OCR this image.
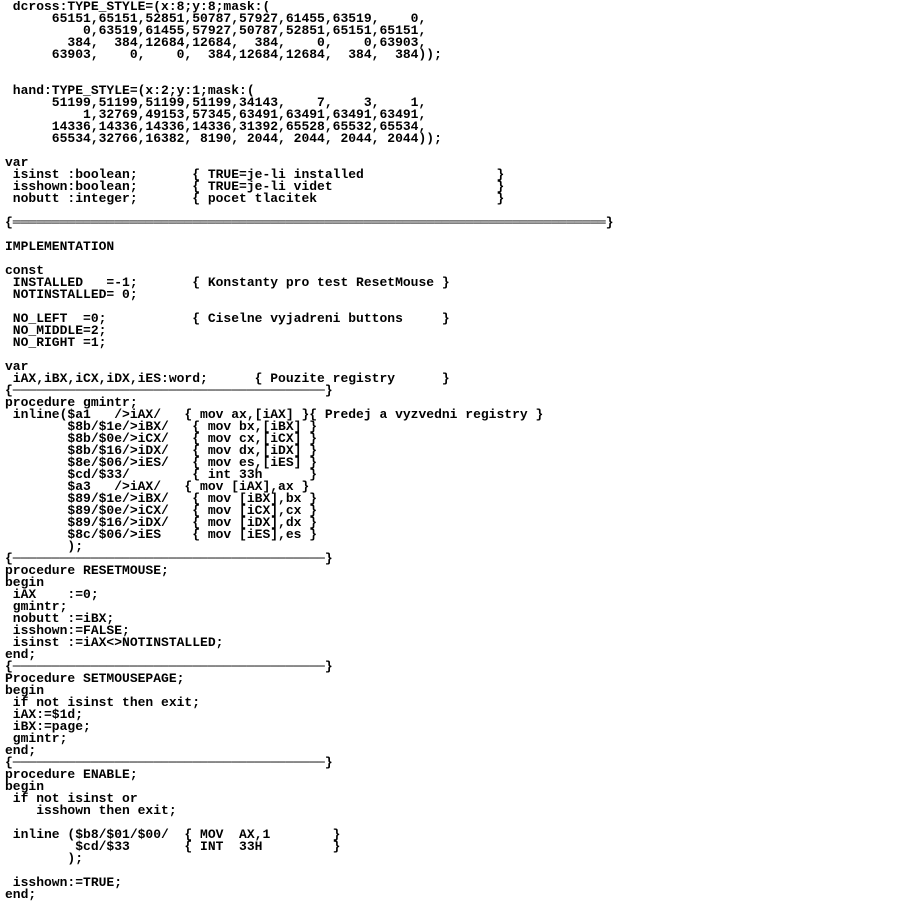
dcross:TYPE_STYLE=(x:8;y:8;mask:(
65151,65151,52851,50787,57927,61455,63519,    0,
0,63519,61455,57927,50787,52851,65151,65151,
384,  384,12684,12684,  384,    0,    0,63903,
63903,    0,    0,  384,12684,12684,  384,  384));
hand:TYPE_STYLE=(x:2;y:1;mask:(
51199,51199,51199,51199,34143,    7,    3,    1,
1,32769,49153,57345,63491,63491,63491,63491,
14336,14336,14336,14336,31392,65528,65532,65534,
65534,32766,16382, 8190, 2044, 2044, 2044, 2044));
var
isinst :boolean;       { TRUE=je-li installed                 }
isshown:boolean;       { TRUE=je-li videt                     }
nobutt :integer;       { pocet tlacitek                       }
{════════════════════════════════════════════════════════════════════════════}
IMPLEMENTATION
const
INSTALLED   =-1;       { Konstanty pro test ResetMouse }
NOTINSTALLED= 0;
NO_LEFT  =0;           { Ciselne vyjadreni buttons     }
NO_MIDDLE=2;
NO_RIGHT =1;
var
iAX,iBX,iCX,iDX,iES:word;      { Pouzite registry      }
{────────────────────────────────────────}
procedure gmintr;
inline($a1   />iAX/   { mov ax,[iAX] }{ Predej a vyzvedni registry }
$8b/$1e/>iBX/   { mov bx,[iBX] }
$8b/$0e/>iCX/   { mov cx,[iCX] }
$8b/$16/>iDX/   { mov dx,[iDX] }
$8e/$06/>iES/   { mov es,[iES] }
$cd/$33/        { int 33h      }
$a3   />iAX/   { mov [iAX],ax }
$89/$1e/>iBX/   { mov [iBX],bx }
$89/$0e/>iCX/   { mov [iCX],cx }
$89/$16/>iDX/   { mov [iDX],dx }
$8c/$06/>iES    { mov [iES],es }
);
{────────────────────────────────────────}
procedure RESETMOUSE;
begin
iAX    :=0;
gmintr;
nobutt :=iBX;
isshown:=FALSE;
isinst :=iAX<>NOTINSTALLED;
end;
{────────────────────────────────────────}
Procedure SETMOUSEPAGE;
begin
if not isinst then exit;
iAX:=$1d;
iBX:=page;
gmintr;
end;
{────────────────────────────────────────}
procedure ENABLE;
begin
if not isinst or
isshown then exit;
inline ($b8/$01/$00/  { MOV  AX,1        }
$cd/$33       { INT  33H         }
);
isshown:=TRUE;
end;
